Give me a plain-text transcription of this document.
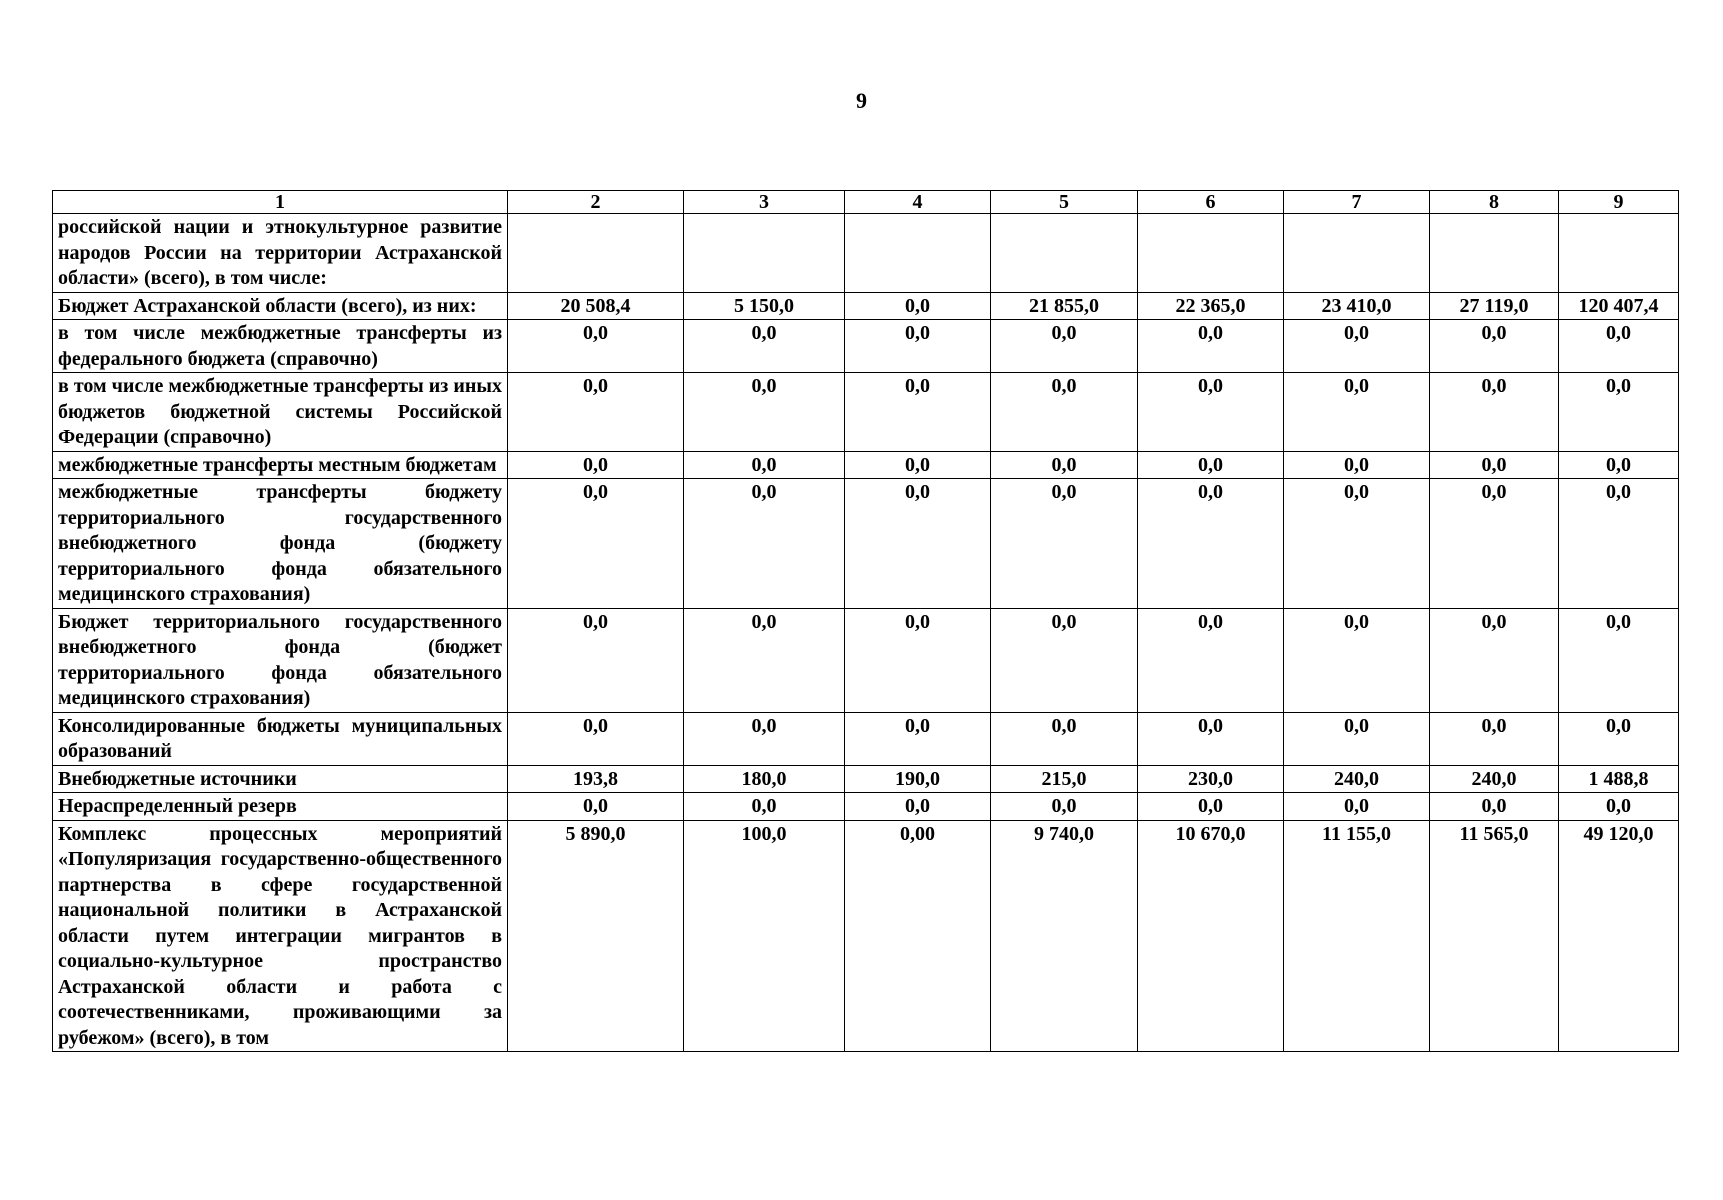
9
1	2	3	4	5	6	7	8	9
российской нации и этнокультурное развитие народов России на территории Астраханской области» (всего), в том числе:								
Бюджет Астраханской области (всего), из них:	20 508,4	5 150,0	0,0	21 855,0	22 365,0	23 410,0	27 119,0	120 407,4
в том числе межбюджетные трансферты из федерального бюджета (справочно)	0,0	0,0	0,0	0,0	0,0	0,0	0,0	0,0
в том числе межбюджетные трансферты из иных бюджетов бюджетной системы Российской Федерации (справочно)	0,0	0,0	0,0	0,0	0,0	0,0	0,0	0,0
межбюджетные трансферты местным бюджетам	0,0	0,0	0,0	0,0	0,0	0,0	0,0	0,0
межбюджетные трансферты бюджету территориального государственного внебюджетного фонда (бюджету территориального фонда обязательного медицинского страхования)	0,0	0,0	0,0	0,0	0,0	0,0	0,0	0,0
Бюджет территориального государственного внебюджетного фонда (бюджет территориального фонда обязательного медицинского страхования)	0,0	0,0	0,0	0,0	0,0	0,0	0,0	0,0
Консолидированные бюджеты муниципальных образований	0,0	0,0	0,0	0,0	0,0	0,0	0,0	0,0
Внебюджетные источники	193,8	180,0	190,0	215,0	230,0	240,0	240,0	1 488,8
Нераспределенный резерв	0,0	0,0	0,0	0,0	0,0	0,0	0,0	0,0
Комплекс процессных мероприятий «Популяризация государственно-общественного партнерства в сфере государственной национальной политики в Астраханской области путем интеграции мигрантов в социально-культурное пространство Астраханской области и работа с соотечественниками, проживающими за рубежом» (всего), в том	5 890,0	100,0	0,00	9 740,0	10 670,0	11 155,0	11 565,0	49 120,0
